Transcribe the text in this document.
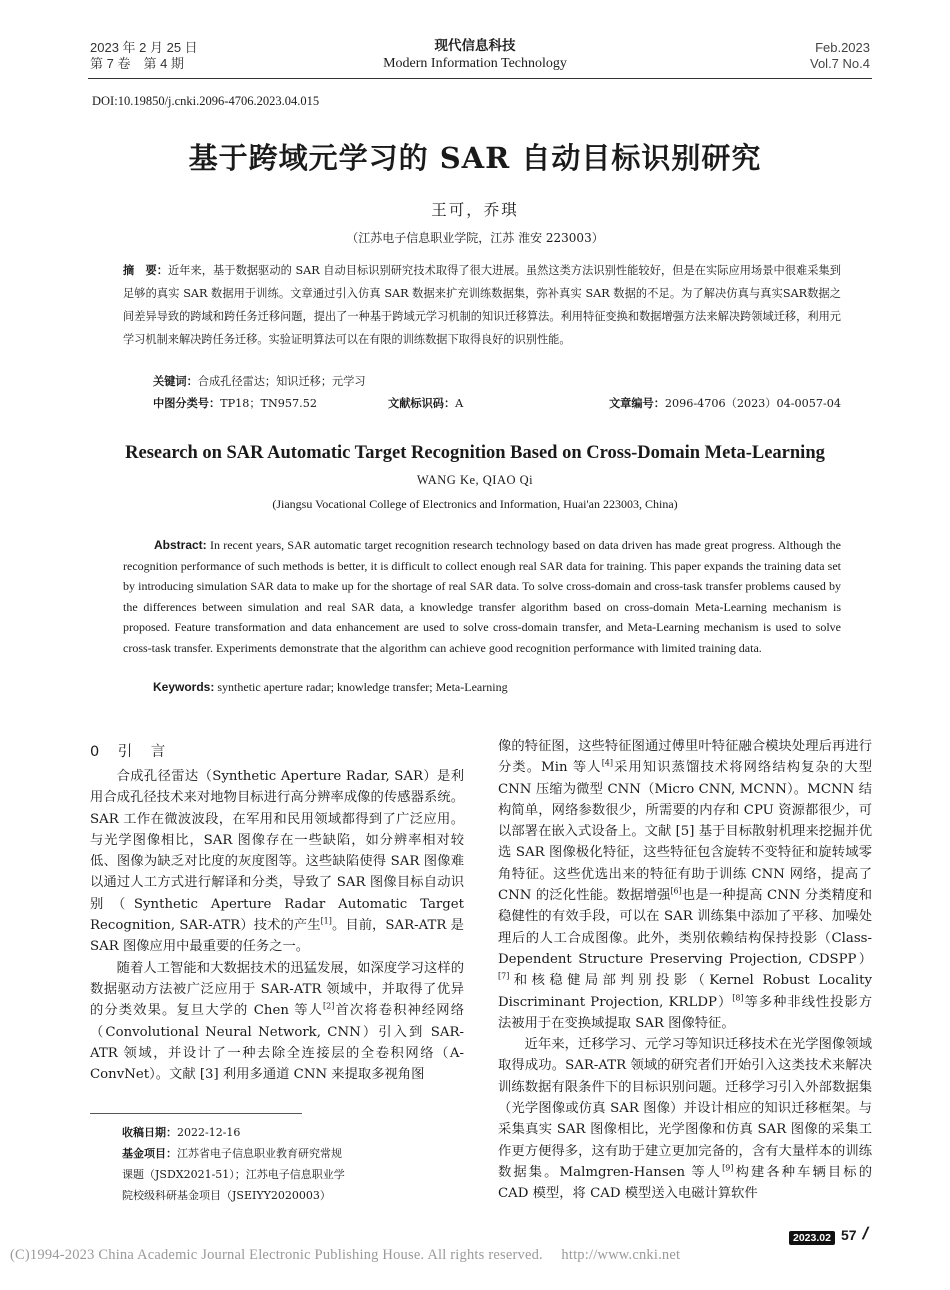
2023 年 2 月 25 日
第 7 卷　第 4 期
现代信息科技
Modern Information Technology
Feb.2023
Vol.7 No.4
DOI:10.19850/j.cnki.2096-4706.2023.04.015
基于跨域元学习的 SAR 自动目标识别研究
王可，乔琪
（江苏电子信息职业学院，江苏 淮安 223003）
摘　要：近年来，基于数据驱动的 SAR 自动目标识别研究技术取得了很大进展。虽然这类方法识别性能较好，但是在实际应用场景中很难采集到足够的真实 SAR 数据用于训练。文章通过引入仿真 SAR 数据来扩充训练数据集，弥补真实 SAR 数据的不足。为了解决仿真与真实SAR数据之间差异导致的跨域和跨任务迁移问题，提出了一种基于跨域元学习机制的知识迁移算法。利用特征变换和数据增强方法来解决跨领域迁移，利用元学习机制来解决跨任务迁移。实验证明算法可以在有限的训练数据下取得良好的识别性能。
关键词：合成孔径雷达；知识迁移；元学习
中图分类号：TP18；TN957.52	文献标识码：A	文章编号：2096-4706（2023）04-0057-04
Research on SAR Automatic Target Recognition Based on Cross-Domain Meta-Learning
WANG Ke, QIAO Qi
(Jiangsu Vocational College of Electronics and Information, Huai'an 223003, China)
Abstract: In recent years, SAR automatic target recognition research technology based on data driven has made great progress. Although the recognition performance of such methods is better, it is difficult to collect enough real SAR data for training. This paper expands the training data set by introducing simulation SAR data to make up for the shortage of real SAR data. To solve cross-domain and cross-task transfer problems caused by the differences between simulation and real SAR data, a knowledge transfer algorithm based on cross-domain Meta-Learning mechanism is proposed. Feature transformation and data enhancement are used to solve cross-domain transfer, and Meta-Learning mechanism is used to solve cross-task transfer. Experiments demonstrate that the algorithm can achieve good recognition performance with limited training data.
Keywords: synthetic aperture radar; knowledge transfer; Meta-Learning
0　引　言

合成孔径雷达（Synthetic Aperture Radar, SAR）是利用合成孔径技术来对地物目标进行高分辨率成像的传感器系统。SAR 工作在微波波段，在军用和民用领域都得到了广泛应用。与光学图像相比，SAR 图像存在一些缺陷，如分辨率相对较低、图像为缺乏对比度的灰度图等。这些缺陷使得 SAR 图像难以通过人工方式进行解译和分类，导致了 SAR 图像目标自动识别（Synthetic Aperture Radar Automatic Target Recognition, SAR-ATR）技术的产生[1]。目前，SAR-ATR 是 SAR 图像应用中最重要的任务之一。

随着人工智能和大数据技术的迅猛发展，如深度学习这样的数据驱动方法被广泛应用于 SAR-ATR 领域中，并取得了优异的分类效果。复旦大学的 Chen 等人[2]首次将卷积神经网络（Convolutional Neural Network, CNN）引入到 SAR-ATR 领域，并设计了一种去除全连接层的全卷积网络（A-ConvNet）。文献 [3] 利用多通道 CNN 来提取多视角图

像的特征图，这些特征图通过傅里叶特征融合模块处理后再进行分类。Min 等人[4]采用知识蒸馏技术将网络结构复杂的大型 CNN 压缩为微型 CNN（Micro CNN, MCNN）。MCNN 结构简单，网络参数很少，所需要的内存和 CPU 资源都很少，可以部署在嵌入式设备上。文献 [5] 基于目标散射机理来挖掘并优选 SAR 图像极化特征，这些特征包含旋转不变特征和旋转域零角特征。这些优选出来的特征有助于训练 CNN 网络，提高了 CNN 的泛化性能。数据增强[6]也是一种提高 CNN 分类精度和稳健性的有效手段，可以在 SAR 训练集中添加了平移、加噪处理后的人工合成图像。此外，类别依赖结构保持投影（Class-Dependent Structure Preserving Projection, CDSPP）[7]和核稳健局部判别投影（Kernel Robust Locality Discriminant Projection, KRLDP）[8]等多种非线性投影方法被用于在变换域提取 SAR 图像特征。

近年来，迁移学习、元学习等知识迁移技术在光学图像领域取得成功。SAR-ATR 领域的研究者们开始引入这类技术来解决训练数据有限条件下的目标识别问题。迁移学习引入外部数据集（光学图像或仿真 SAR 图像）并设计相应的知识迁移框架。与采集真实 SAR 图像相比，光学图像和仿真 SAR 图像的采集工作更方便得多，这有助于建立更加完备的，含有大量样本的训练数据集。Malmgren-Hansen 等人[9]构建各种车辆目标的 CAD 模型，将 CAD 模型送入电磁计算软件

收稿日期：2022-12-16
基金项目：江苏省电子信息职业教育研究常规课题（JSDX2021-51）；江苏电子信息职业学院校级科研基金项目（JSEIYY2020003）
(C)1994-2023 China Academic Journal Electronic Publishing House. All rights reserved.　 http://www.cnki.net
2023.02 57 /
